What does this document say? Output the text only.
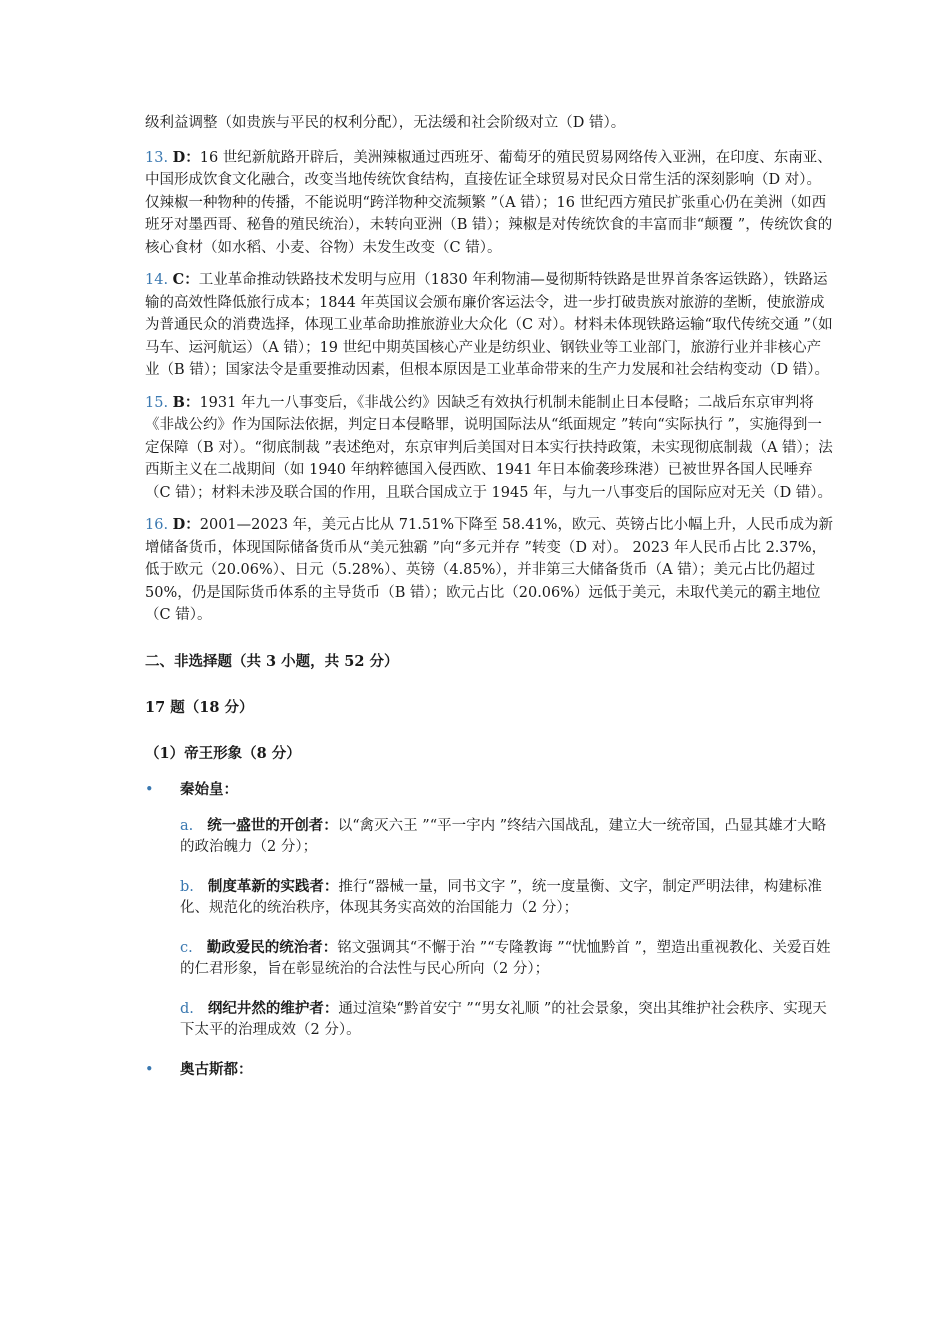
级利益调整（如贵族与平民的权利分配），无法缓和社会阶级对立（D 错）。

13. D：16 世纪新航路开辟后，美洲辣椒通过西班牙、葡萄牙的殖民贸易网络传入亚洲，在印度、东南亚、中国形成饮食文化融合，改变当地传统饮食结构，直接佐证全球贸易对民众日常生活的深刻影响（D 对）。仅辣椒一种物种的传播，不能说明“跨洋物种交流频繁 ”（A 错）；16 世纪西方殖民扩张重心仍在美洲（如西班牙对墨西哥、秘鲁的殖民统治），未转向亚洲（B 错）；辣椒是对传统饮食的丰富而非“颠覆 ”，传统饮食的核心食材（如水稻、小麦、谷物）未发生改变（C 错）。

14. C：工业革命推动铁路技术发明与应用（1830 年利物浦—曼彻斯特铁路是世界首条客运铁路），铁路运输的高效性降低旅行成本；1844 年英国议会颁布廉价客运法令，进一步打破贵族对旅游的垄断，使旅游成为普通民众的消费选择，体现工业革命助推旅游业大众化（C 对）。材料未体现铁路运输“取代传统交通 ”（如马车、运河航运）（A 错）；19 世纪中期英国核心产业是纺织业、钢铁业等工业部门，旅游行业并非核心产业（B 错）；国家法令是重要推动因素，但根本原因是工业革命带来的生产力发展和社会结构变动（D 错）。

15. B：1931 年九一八事变后，《非战公约》因缺乏有效执行机制未能制止日本侵略；二战后东京审判将《非战公约》作为国际法依据，判定日本侵略罪，说明国际法从“纸面规定 ”转向“实际执行 ”，实施得到一定保障（B 对）。“彻底制裁 ”表述绝对，东京审判后美国对日本实行扶持政策，未实现彻底制裁（A 错）；法西斯主义在二战期间（如 1940 年纳粹德国入侵西欧、1941 年日本偷袭珍珠港）已被世界各国人民唾弃（C 错）；材料未涉及联合国的作用，且联合国成立于 1945 年，与九一八事变后的国际应对无关（D 错）。

16. D：2001—2023 年，美元占比从 71.51%下降至 58.41%，欧元、英镑占比小幅上升，人民币成为新增储备货币，体现国际储备货币从“美元独霸 ”向“多元并存 ”转变（D 对）。 2023 年人民币占比 2.37%，低于欧元（20.06%）、日元（5.28%）、英镑（4.85%），并非第三大储备货币（A 错）；美元占比仍超过 50%，仍是国际货币体系的主导货币（B 错）；欧元占比（20.06%）远低于美元，未取代美元的霸主地位（C 错）。

二、非选择题（共 3 小题，共 52 分）
17 题（18 分）
（1）帝王形象（8 分）
• 秦始皇：
a. 统一盛世的开创者：以“禽灭六王 ”“平一宇内 ”终结六国战乱，建立大一统帝国，凸显其雄才大略的政治魄力（2 分）；
b. 制度革新的实践者：推行“器械一量，同书文字 ”，统一度量衡、文字，制定严明法律，构建标准化、规范化的统治秩序，体现其务实高效的治国能力（2 分）；
c. 勤政爱民的统治者：铭文强调其“不懈于治 ”“专隆教诲 ”“忧恤黔首 ”，塑造出重视教化、关爱百姓的仁君形象，旨在彰显统治的合法性与民心所向（2 分）；
d. 纲纪井然的维护者：通过渲染“黔首安宁 ”“男女礼顺 ”的社会景象，突出其维护社会秩序、实现天下太平的治理成效（2 分）。
• 奥古斯都：
